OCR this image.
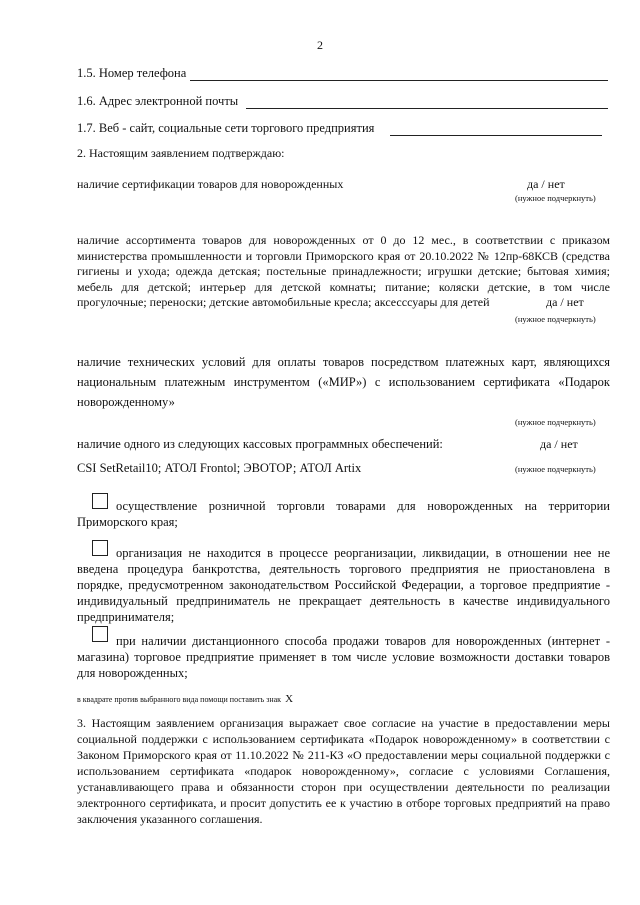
2
1.5. Номер телефона
1.6. Адрес электронной почты
1.7. Веб - сайт, социальные сети торгового предприятия
2. Настоящим заявлением подтверждаю:
наличие сертификации товаров для новорожденных	да / нет
(нужное подчеркнуть)
наличие ассортимента товаров для новорожденных от 0 до 12 мес., в соответствии с приказом министерства промышленности и торговли Приморского края от 20.10.2022 № 12пр-68КСВ (средства гигиены и ухода; одежда детская; постельные принадлежности; игрушки детские; бытовая химия; мебель для детской; интерьер для детской комнаты; питание; коляски детские, в том числе прогулочные; переноски; детские автомобильные кресла; аксесссуары для детей	да / нет
(нужное подчеркнуть)
наличие технических условий для оплаты товаров посредством платежных карт, являющихся национальным платежным инструментом («МИР») с использованием сертификата «Подарок новорожденному»
(нужное подчеркнуть)
наличие одного из следующих кассовых программных обеспечений:	да / нет
CSI SetRetail10; АТОЛ Frontol; ЭВОТОР; АТОЛ Artix	(нужное подчеркнуть)
осуществление розничной торговли товарами для новорожденных на территории Приморского края;
организация не находится в процессе реорганизации, ликвидации, в отношении нее не введена процедура банкротства, деятельность торгового предприятия не приостановлена в порядке, предусмотренном законодательством Российской Федерации, а торговое предприятие - индивидуальный предприниматель не прекращает деятельность в качестве индивидуального предпринимателя;
при наличии дистанционного способа продажи товаров для новорожденных (интернет - магазина) торговое предприятие применяет в том числе условие возможности доставки товаров для новорожденных;
в квадрате против выбранного вида помощи поставить знак X
3. Настоящим заявлением организация выражает свое согласие на участие в предоставлении меры социальной поддержки с использованием сертификата «Подарок новорожденному» в соответствии с Законом Приморского края от 11.10.2022 № 211-КЗ «О предоставлении меры социальной поддержки с использованием сертификата «подарок новорожденному», согласие с условиями Соглашения, устанавливающего права и обязанности сторон при осуществлении деятельности по реализации электронного сертификата, и просит допустить ее к участию в отборе торговых предприятий на право заключения указанного соглашения.
